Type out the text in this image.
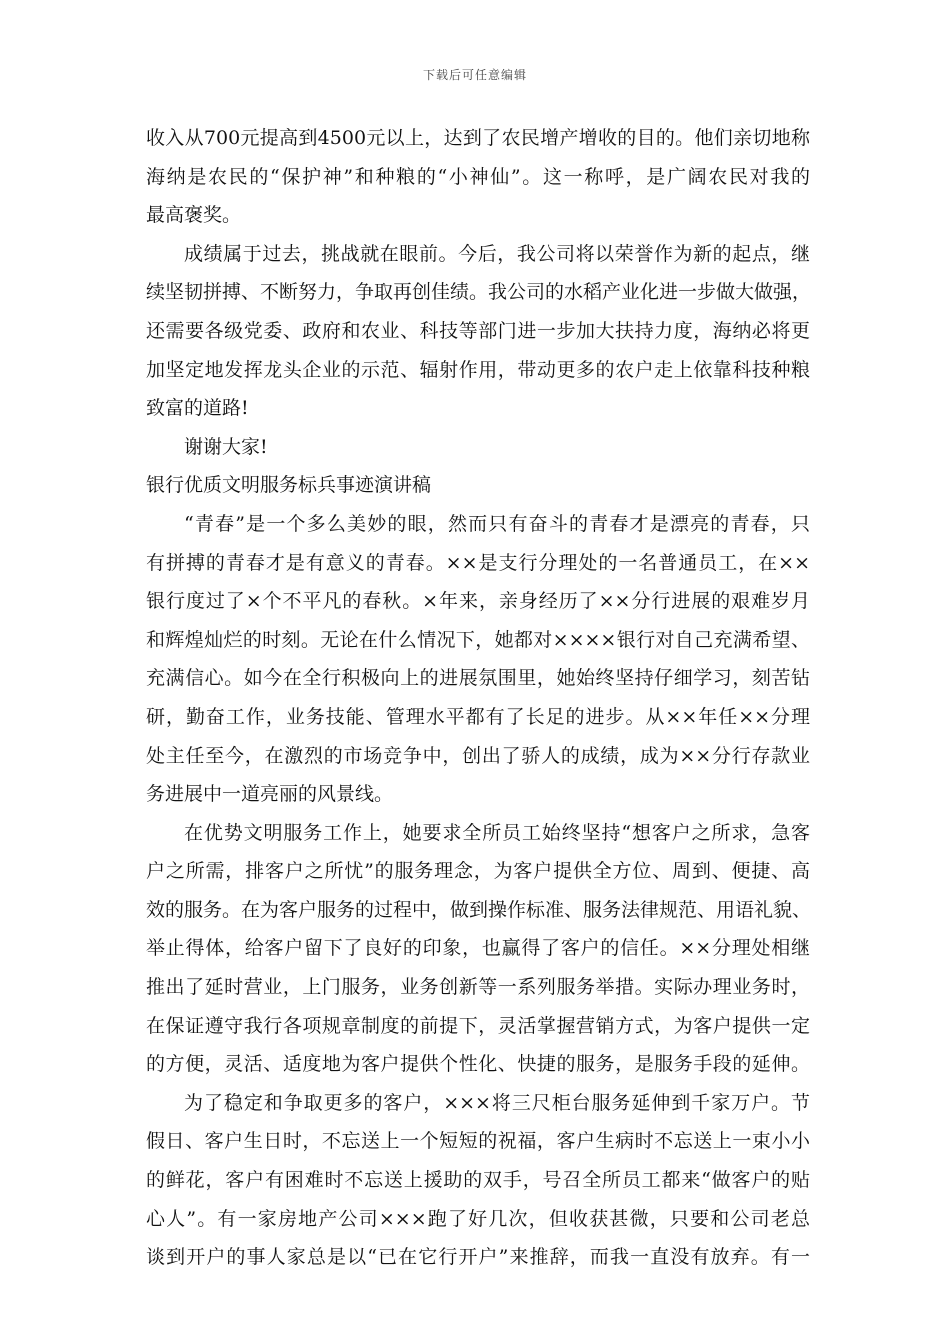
下载后可任意编辑
收入从700元提高到4500元以上，达到了农民增产增收的目的。他们亲切地称
海纳是农民的“保护神”和种粮的“小神仙”。这一称呼，是广阔农民对我的
最高褒奖。
成绩属于过去，挑战就在眼前。今后，我公司将以荣誉作为新的起点，继
续坚韧拼搏、不断努力，争取再创佳绩。我公司的水稻产业化进一步做大做强，
还需要各级党委、政府和农业、科技等部门进一步加大扶持力度，海纳必将更
加坚定地发挥龙头企业的示范、辐射作用，带动更多的农户走上依靠科技种粮
致富的道路!
谢谢大家!
银行优质文明服务标兵事迹演讲稿
“青春”是一个多么美妙的眼，然而只有奋斗的青春才是漂亮的青春，只
有拼搏的青春才是有意义的青春。××是支行分理处的一名普通员工，在××
银行度过了×个不平凡的春秋。×年来，亲身经历了××分行进展的艰难岁月
和辉煌灿烂的时刻。无论在什么情况下，她都对××××银行对自己充满希望、
充满信心。如今在全行积极向上的进展氛围里，她始终坚持仔细学习，刻苦钻
研，勤奋工作，业务技能、管理水平都有了长足的进步。从××年任××分理
处主任至今，在激烈的市场竞争中，创出了骄人的成绩，成为××分行存款业
务进展中一道亮丽的风景线。
在优势文明服务工作上，她要求全所员工始终坚持“想客户之所求，急客
户之所需，排客户之所忧”的服务理念，为客户提供全方位、周到、便捷、高
效的服务。在为客户服务的过程中，做到操作标准、服务法律规范、用语礼貌、
举止得体，给客户留下了良好的印象，也赢得了客户的信任。××分理处相继
推出了延时营业，上门服务，业务创新等一系列服务举措。实际办理业务时，
在保证遵守我行各项规章制度的前提下，灵活掌握营销方式，为客户提供一定
的方便，灵活、适度地为客户提供个性化、快捷的服务，是服务手段的延伸。
为了稳定和争取更多的客户，×××将三尺柜台服务延伸到千家万户。节
假日、客户生日时，不忘送上一个短短的祝福，客户生病时不忘送上一束小小
的鲜花，客户有困难时不忘送上援助的双手，号召全所员工都来“做客户的贴
心人”。有一家房地产公司×××跑了好几次，但收获甚微，只要和公司老总
谈到开户的事人家总是以“已在它行开户”来推辞，而我一直没有放弃。有一
